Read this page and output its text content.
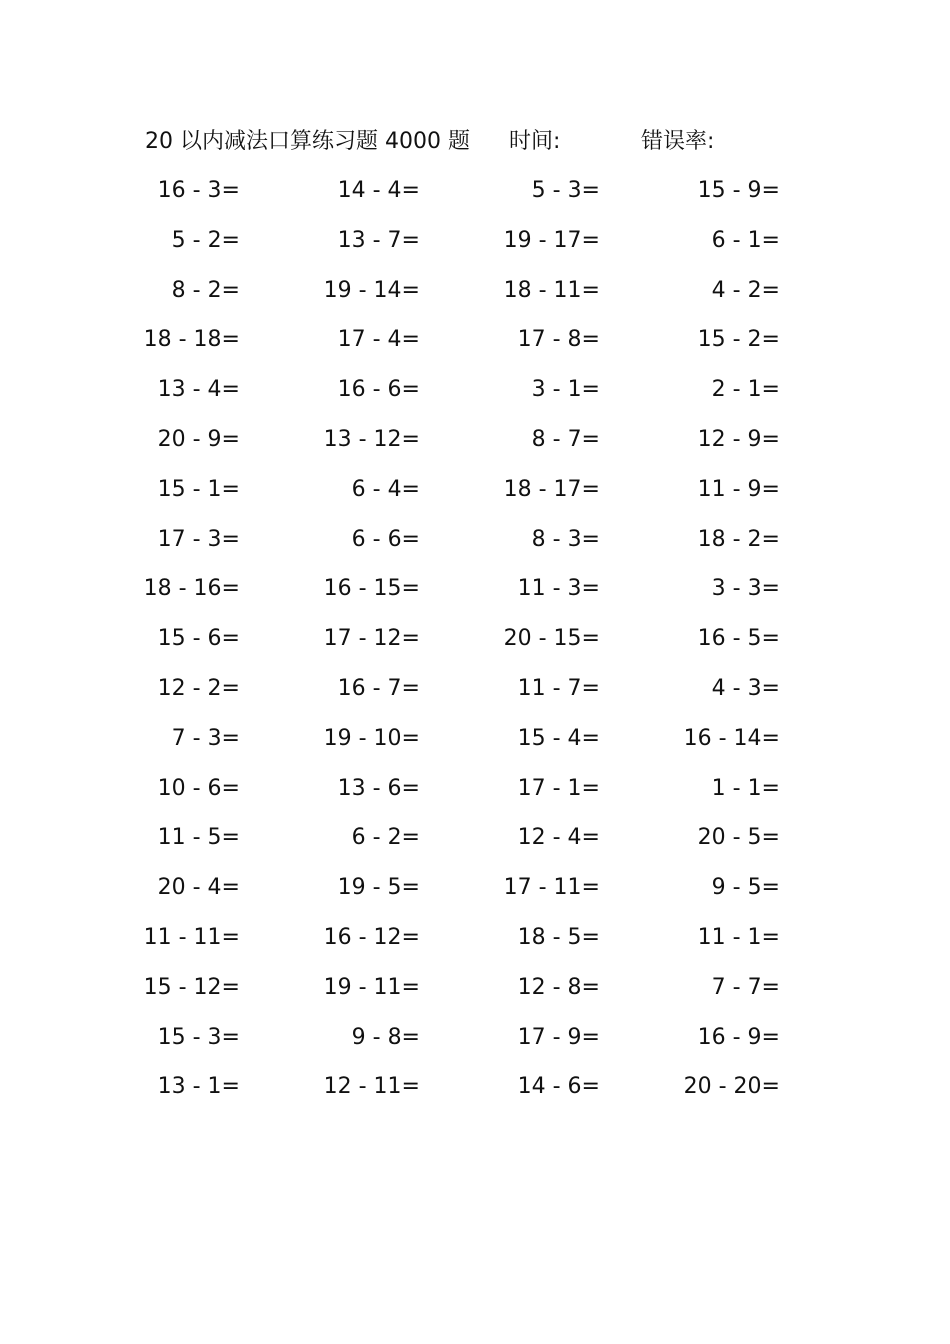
20 以内减法口算练习题 4000 题 时间:	错误率:
16 - 3=	14 - 4=	5 - 3=	15 - 9=
5 - 2=	13 - 7=	19 - 17=	6 - 1=
8 - 2=	19 - 14=	18 - 11=	4 - 2=
18 - 18=	17 - 4=	17 - 8=	15 - 2=
13 - 4=	16 - 6=	3 - 1=	2 - 1=
20 - 9=	13 - 12=	8 - 7=	12 - 9=
15 - 1=	6 - 4=	18 - 17=	11 - 9=
17 - 3=	6 - 6=	8 - 3=	18 - 2=
18 - 16=	16 - 15=	11 - 3=	3 - 3=
15 - 6=	17 - 12=	20 - 15=	16 - 5=
12 - 2=	16 - 7=	11 - 7=	4 - 3=
7 - 3=	19 - 10=	15 - 4=	16 - 14=
10 - 6=	13 - 6=	17 - 1=	1 - 1=
11 - 5=	6 - 2=	12 - 4=	20 - 5=
20 - 4=	19 - 5=	17 - 11=	9 - 5=
11 - 11=	16 - 12=	18 - 5=	11 - 1=
15 - 12=	19 - 11=	12 - 8=	7 - 7=
15 - 3=	9 - 8=	17 - 9=	16 - 9=
13 - 1=	12 - 11=	14 - 6=	20 - 20=
